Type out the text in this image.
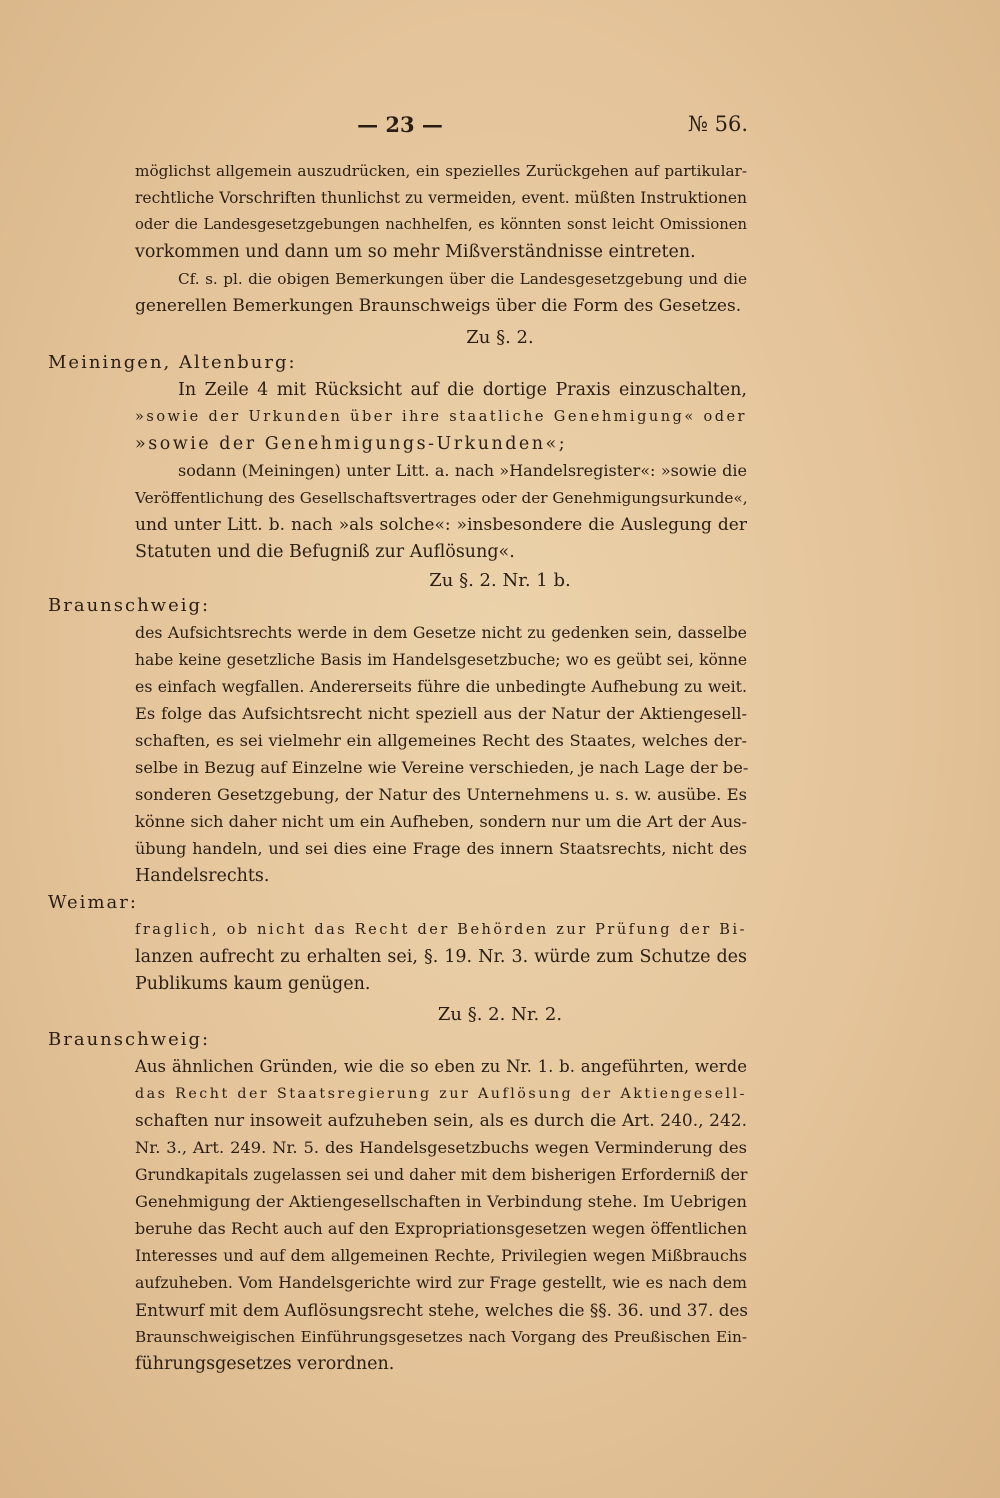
— 23 —	№ 56.
möglichst allgemein auszudrücken, ein spezielles Zurückgehen auf partikular-
rechtliche Vorschriften thunlichst zu vermeiden, event. müßten Instruktionen
oder die Landesgesetzgebungen nachhelfen, es könnten sonst leicht Omissionen
vorkommen und dann um so mehr Mißverständnisse eintreten.
Cf. s. pl. die obigen Bemerkungen über die Landesgesetzgebung und die
generellen Bemerkungen Braunschweigs über die Form des Gesetzes.
Zu §. 2.
Meiningen, Altenburg:
In Zeile 4 mit Rücksicht auf die dortige Praxis einzuschalten,
»sowie der Urkunden über ihre staatliche Genehmigung« oder
»sowie der Genehmigungs-Urkunden«;
sodann (Meiningen) unter Litt. a. nach »Handelsregister«: »sowie die
Veröffentlichung des Gesellschaftsvertrages oder der Genehmigungsurkunde«,
und unter Litt. b. nach »als solche«: »insbesondere die Auslegung der
Statuten und die Befugniß zur Auflösung«.
Zu §. 2. Nr. 1 b.
Braunschweig:
des Aufsichtsrechts werde in dem Gesetze nicht zu gedenken sein, dasselbe
habe keine gesetzliche Basis im Handelsgesetzbuche; wo es geübt sei, könne
es einfach wegfallen. Andererseits führe die unbedingte Aufhebung zu weit.
Es folge das Aufsichtsrecht nicht speziell aus der Natur der Aktiengesell-
schaften, es sei vielmehr ein allgemeines Recht des Staates, welches der-
selbe in Bezug auf Einzelne wie Vereine verschieden, je nach Lage der be-
sonderen Gesetzgebung, der Natur des Unternehmens u. s. w. ausübe. Es
könne sich daher nicht um ein Aufheben, sondern nur um die Art der Aus-
übung handeln, und sei dies eine Frage des innern Staatsrechts, nicht des
Handelsrechts.
Weimar:
fraglich, ob nicht das Recht der Behörden zur Prüfung der Bi-
lanzen aufrecht zu erhalten sei, §. 19. Nr. 3. würde zum Schutze des
Publikums kaum genügen.
Zu §. 2. Nr. 2.
Braunschweig:
Aus ähnlichen Gründen, wie die so eben zu Nr. 1. b. angeführten, werde
das Recht der Staatsregierung zur Auflösung der Aktiengesell-
schaften nur insoweit aufzuheben sein, als es durch die Art. 240., 242.
Nr. 3., Art. 249. Nr. 5. des Handelsgesetzbuchs wegen Verminderung des
Grundkapitals zugelassen sei und daher mit dem bisherigen Erforderniß der
Genehmigung der Aktiengesellschaften in Verbindung stehe. Im Uebrigen
beruhe das Recht auch auf den Expropriationsgesetzen wegen öffentlichen
Interesses und auf dem allgemeinen Rechte, Privilegien wegen Mißbrauchs
aufzuheben. Vom Handelsgerichte wird zur Frage gestellt, wie es nach dem
Entwurf mit dem Auflösungsrecht stehe, welches die §§. 36. und 37. des
Braunschweigischen Einführungsgesetzes nach Vorgang des Preußischen Ein-
führungsgesetzes verordnen.
